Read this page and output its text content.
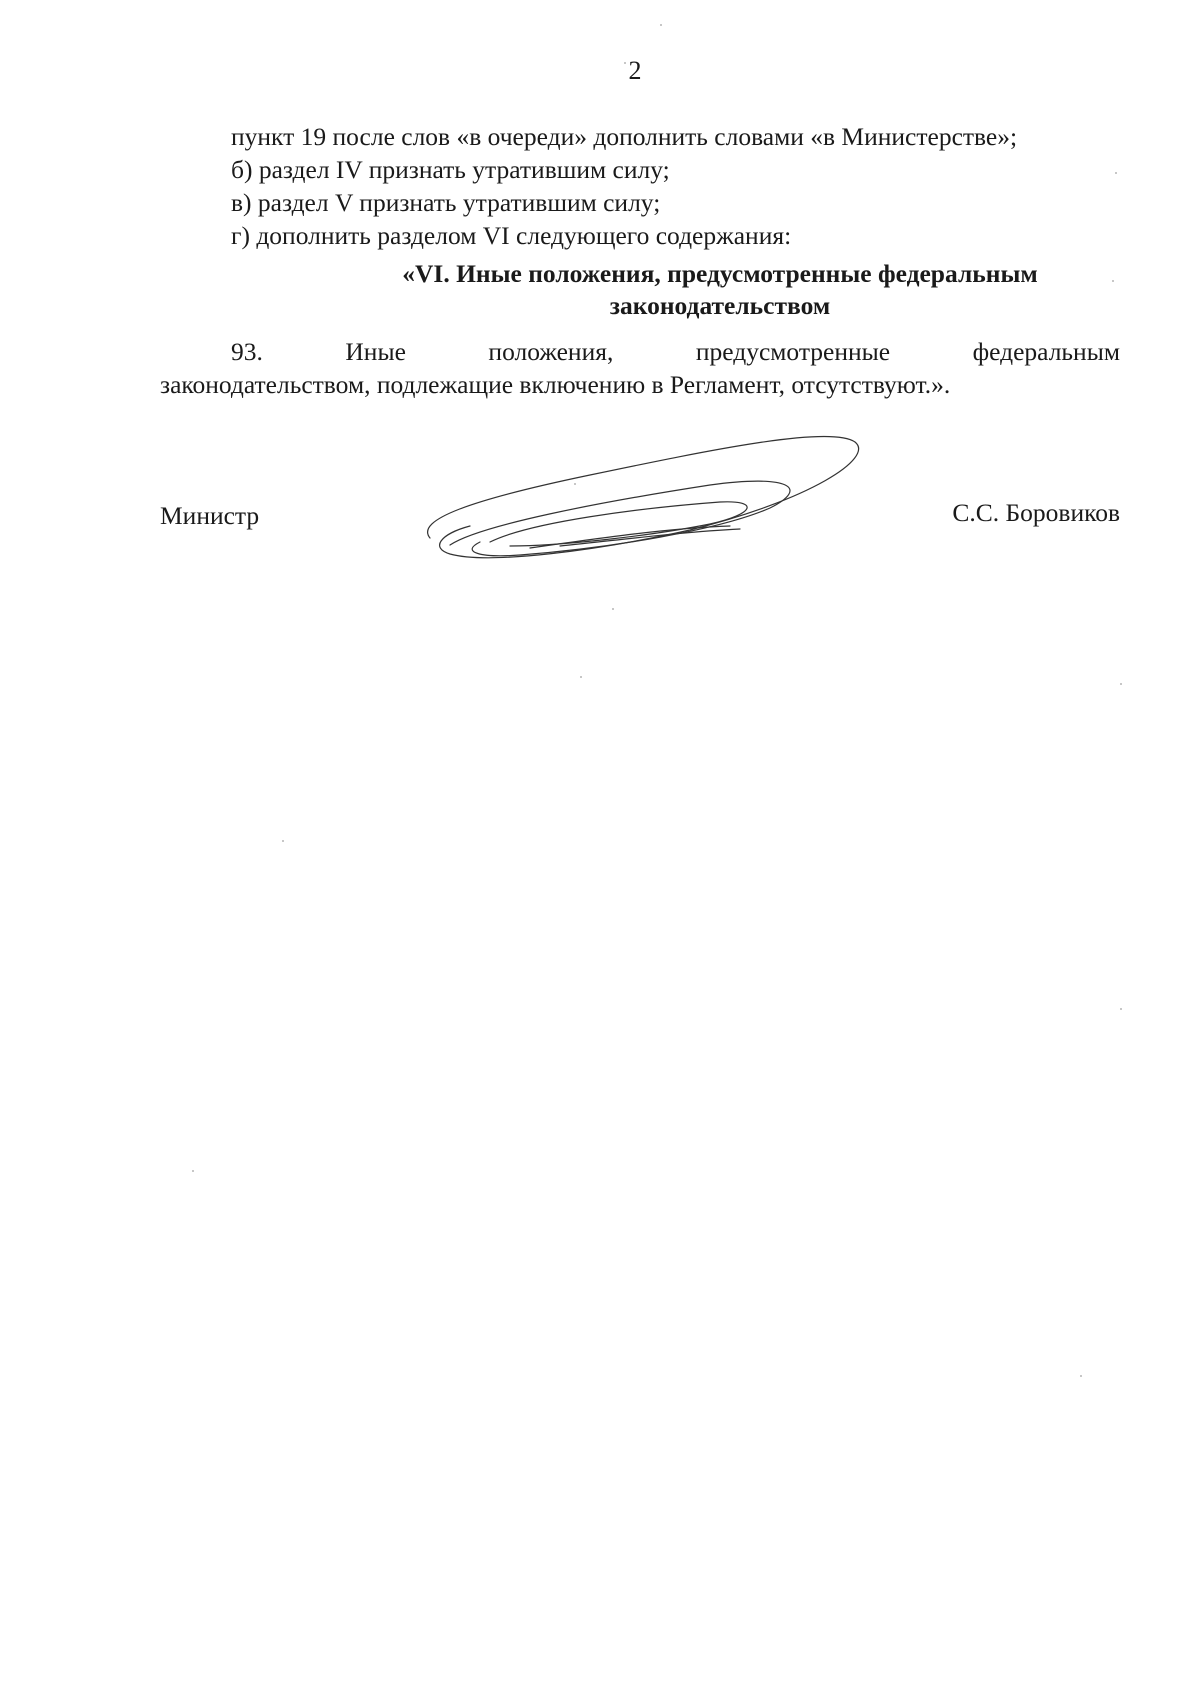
2

пункт 19 после слов «в очереди» дополнить словами «в Министерстве»;

б) раздел IV признать утратившим силу;

в) раздел V признать утратившим силу;

г) дополнить разделом VI следующего содержания:

«VI. Иные положения, предусмотренные федеральным
законодательством
93.	Иные	положения,	предусмотренные	федеральным
законодательством, подлежащие включению в Регламент, отсутствуют.».
Министр	С.С. Боровиков
